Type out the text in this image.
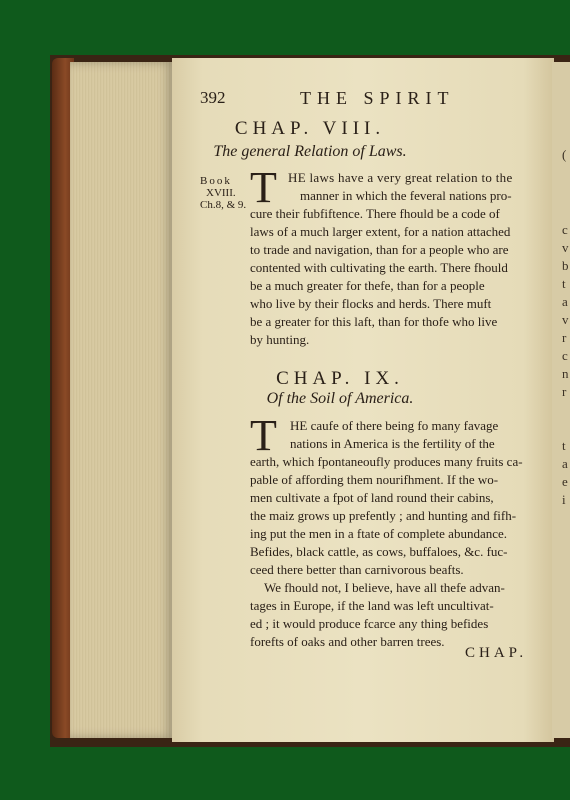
(
c
v
b
t
a
v
r
c
n
r
t
a
e
i
392	THE SPIRIT
CHAP. VIII.
The general Relation of Laws.
Book
XVIII.
Ch.8, & 9. T HE laws have a very great relation to the
manner in which the feveral nations pro-
cure their fubfiftence. There fhould be a code of
laws of a much larger extent, for a nation attached
to trade and navigation, than for a people who are
contented with cultivating the earth. There fhould
be a much greater for thefe, than for a people
who live by their flocks and herds. There muft
be a greater for this laft, than for thofe who live
by hunting.
CHAP. IX.
Of the Soil of America.
T HE caufe of there being fo many favage
nations in America is the fertility of the
earth, which fpontaneoufly produces many fruits ca-
pable of affording them nourifhment. If the wo-
men cultivate a fpot of land round their cabins,
the maiz grows up prefently ; and hunting and fifh-
ing put the men in a ftate of complete abundance.
Befides, black cattle, as cows, buffaloes, &c. fuc-
ceed there better than carnivorous beafts.
We fhould not, I believe, have all thefe advan-
tages in Europe, if the land was left uncultivat-
ed ; it would produce fcarce any thing befides
forefts of oaks and other barren trees.
CHAP.
